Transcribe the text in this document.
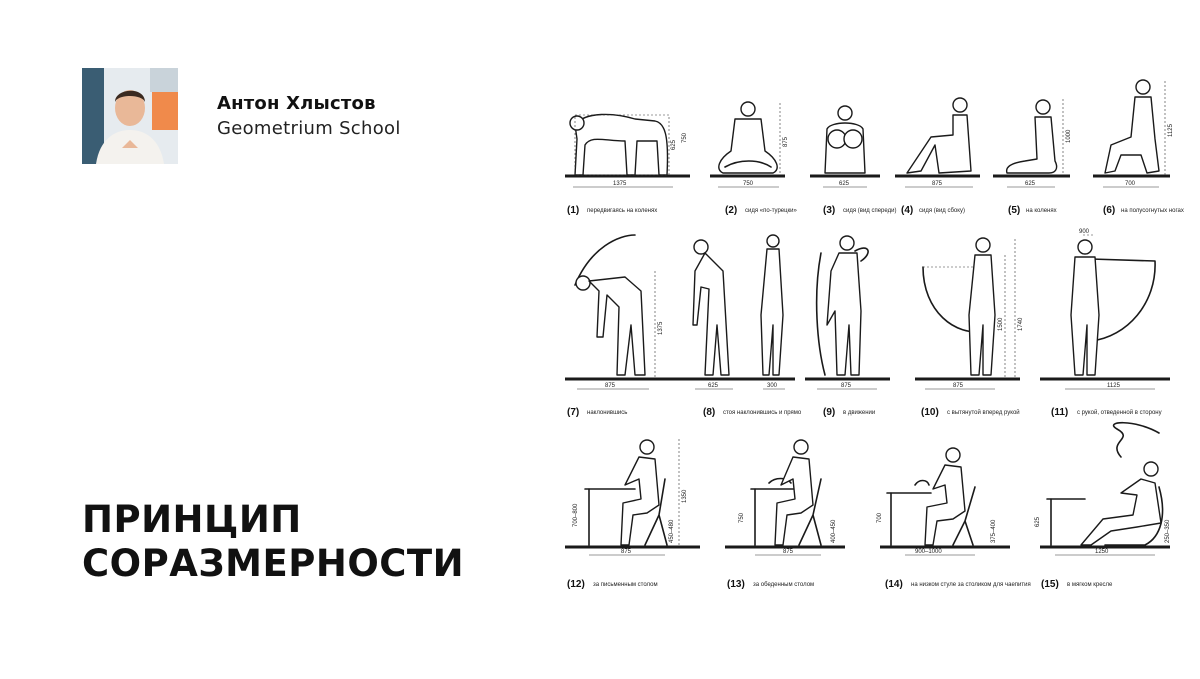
Антон Хлыстов
Geometrium School
ПРИНЦИП
СОРАЗМЕРНОСТИ
1375
625
750
750
875
625	875	625
1000
700
1125
(1) передвигаясь на коленях	(2) сидя «по-турецки»	(3) сидя (вид спереди) (4) сидя (вид сбоку)	(5) на коленях	(6) на полусогнутых ногах
875
1375
625	300	875	875
1500 1740
900
1125
(7) наклонившись	(8) стоя наклонившись и прямо (9) в движении	(10) с вытянутой вперед рукой	(11) с рукой, отведенной в сторону
875
700–800
1350
450–480
875
750
400–450
900–1000
700
375–400
1250
625	250–350
(12) за письменным столом	(13) за обеденным столом	(14) на низком стуле за столиком для чаепития (15) в мягком кресле
